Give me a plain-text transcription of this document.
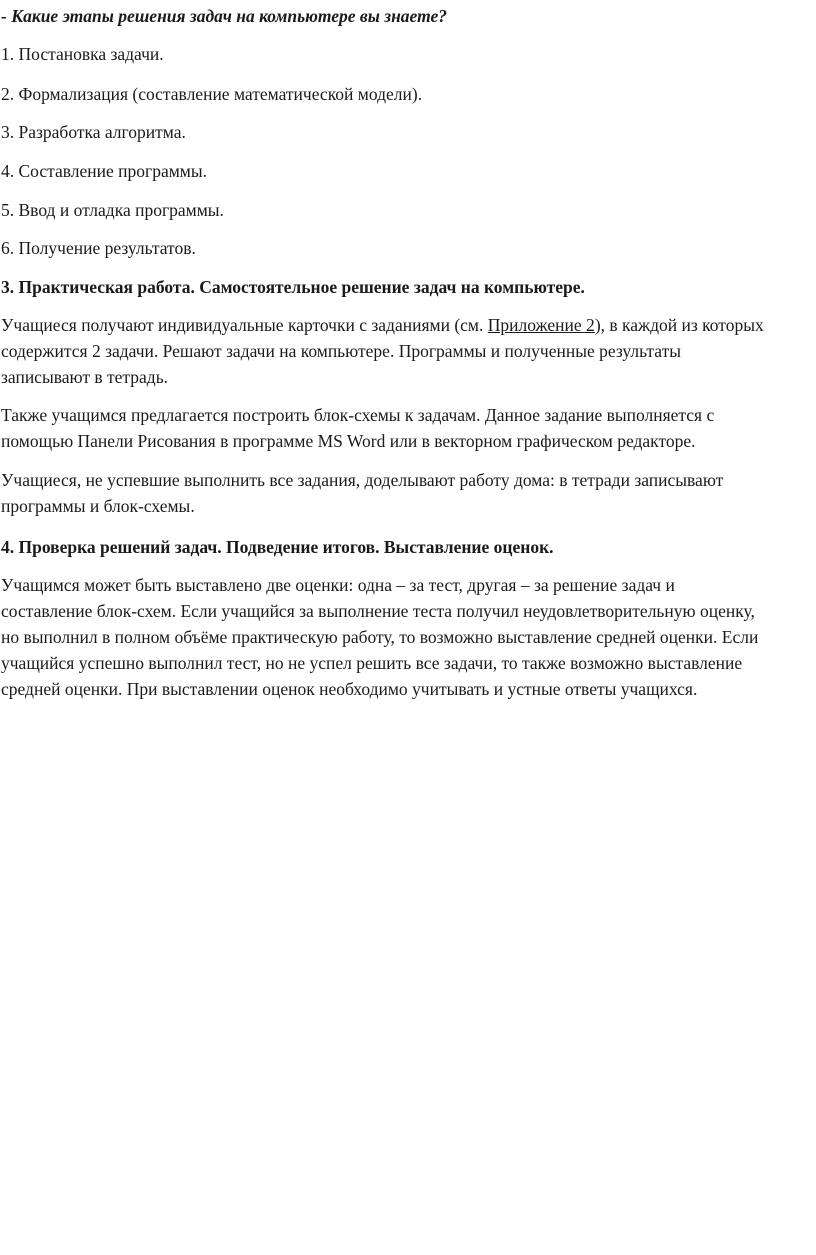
- Какие этапы решения задач на компьютере вы знаете?
1. Постановка задачи.
2. Формализация (составление математической модели).
3. Разработка алгоритма.
4. Составление программы.
5. Ввод и отладка программы.
6. Получение результатов.
3. Практическая работа. Самостоятельное решение задач на компьютере.
Учащиеся получают индивидуальные карточки с заданиями (см. Приложение 2), в каждой из которых
содержится 2 задачи. Решают задачи на компьютере. Программы и полученные результаты
записывают в тетрадь.
Также учащимся предлагается построить блок-схемы к задачам. Данное задание выполняется с
помощью Панели Рисования в программе MS Word или в векторном графическом редакторе.
Учащиеся, не успевшие выполнить все задания, доделывают работу дома: в тетради записывают
программы и блок-схемы.
4. Проверка решений задач. Подведение итогов. Выставление оценок.
Учащимся может быть выставлено две оценки: одна – за тест, другая – за решение задач и
составление блок-схем. Если учащийся за выполнение теста получил неудовлетворительную оценку,
но выполнил в полном объёме практическую работу, то возможно выставление средней оценки. Если
учащийся успешно выполнил тест, но не успел решить все задачи, то также возможно выставление
средней оценки. При выставлении оценок необходимо учитывать и устные ответы учащихся.
